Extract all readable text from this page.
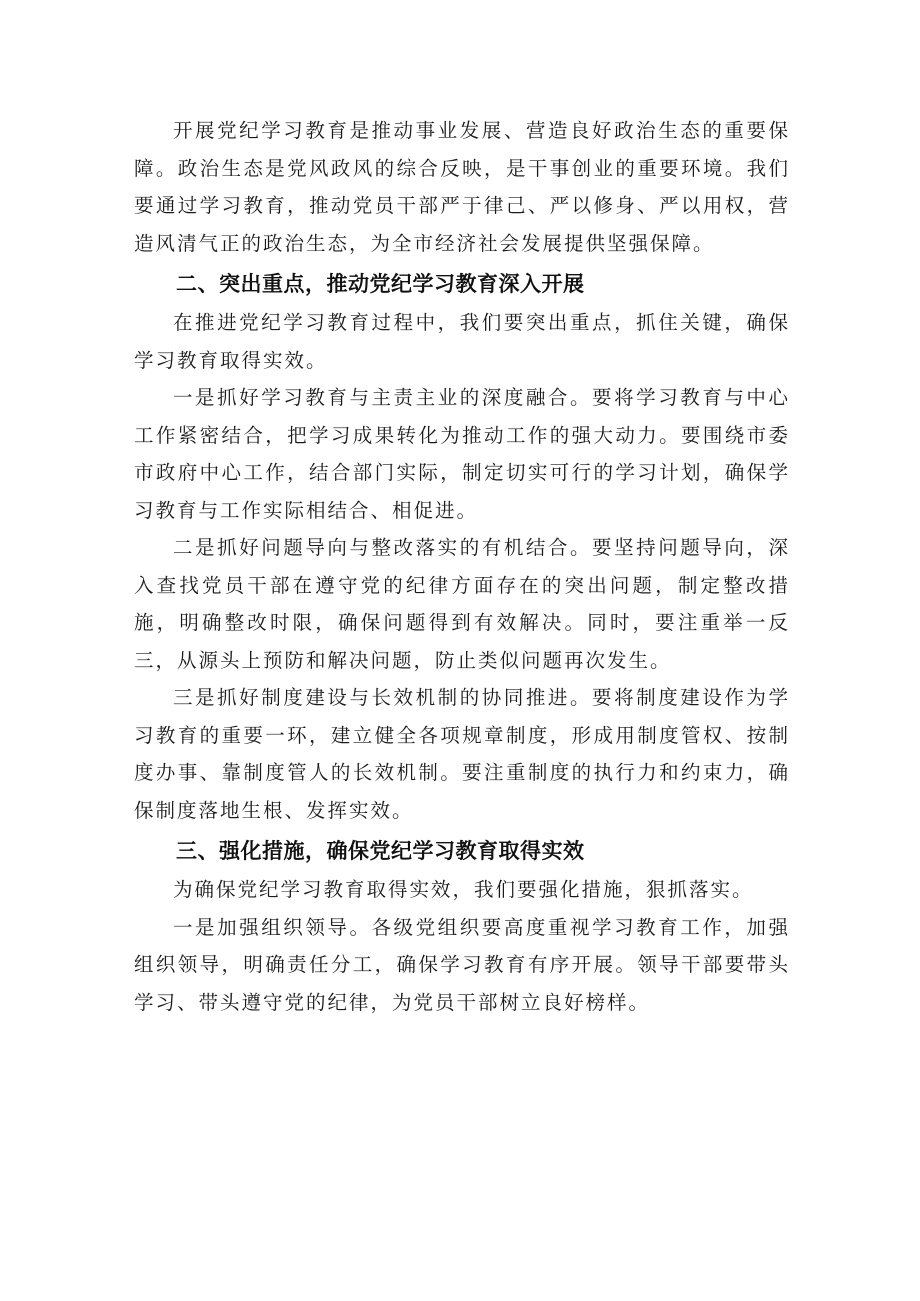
开展党纪学习教育是推动事业发展、营造良好政治生态的重要保障。政治生态是党风政风的综合反映，是干事创业的重要环境。我们要通过学习教育，推动党员干部严于律己、严以修身、严以用权，营造风清气正的政治生态，为全市经济社会发展提供坚强保障。

二、突出重点，推动党纪学习教育深入开展

在推进党纪学习教育过程中，我们要突出重点，抓住关键，确保学习教育取得实效。

一是抓好学习教育与主责主业的深度融合。要将学习教育与中心工作紧密结合，把学习成果转化为推动工作的强大动力。要围绕市委市政府中心工作，结合部门实际，制定切实可行的学习计划，确保学习教育与工作实际相结合、相促进。

二是抓好问题导向与整改落实的有机结合。要坚持问题导向，深入查找党员干部在遵守党的纪律方面存在的突出问题，制定整改措施，明确整改时限，确保问题得到有效解决。同时，要注重举一反三，从源头上预防和解决问题，防止类似问题再次发生。

三是抓好制度建设与长效机制的协同推进。要将制度建设作为学习教育的重要一环，建立健全各项规章制度，形成用制度管权、按制度办事、靠制度管人的长效机制。要注重制度的执行力和约束力，确保制度落地生根、发挥实效。

三、强化措施，确保党纪学习教育取得实效

为确保党纪学习教育取得实效，我们要强化措施，狠抓落实。

一是加强组织领导。各级党组织要高度重视学习教育工作，加强组织领导，明确责任分工，确保学习教育有序开展。领导干部要带头学习、带头遵守党的纪律，为党员干部树立良好榜样。
